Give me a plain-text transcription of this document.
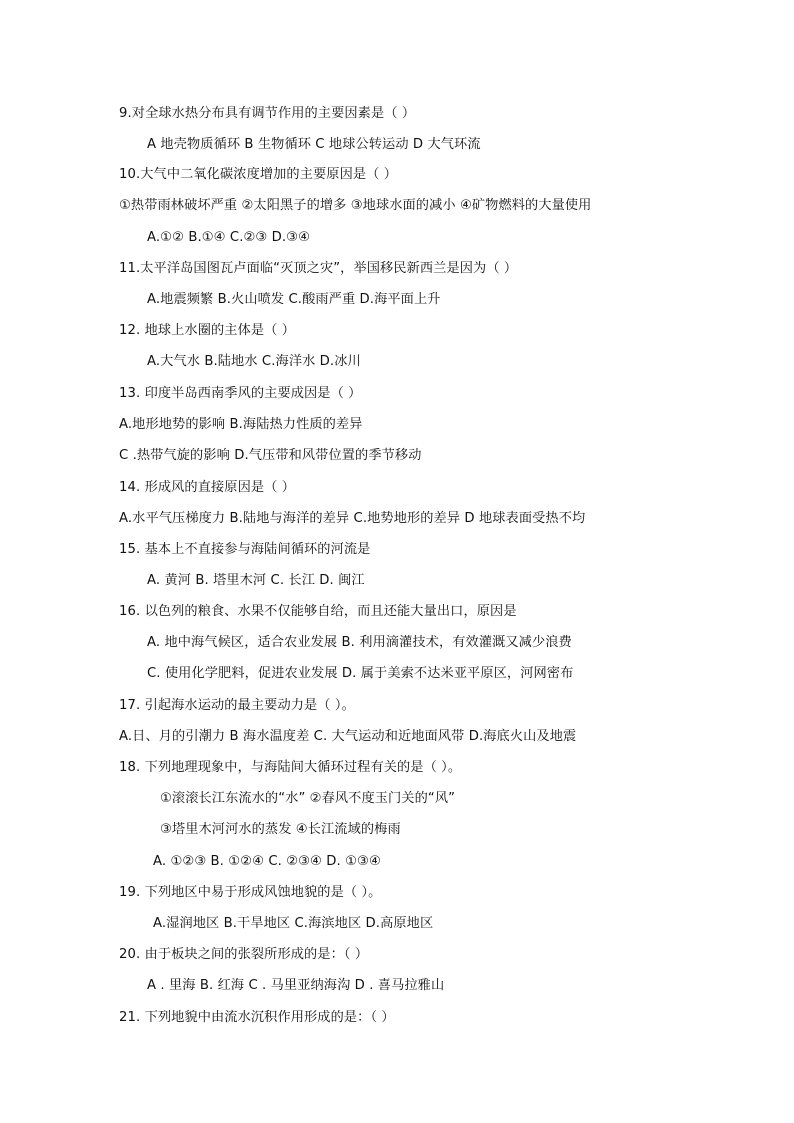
9.对全球水热分布具有调节作用的主要因素是（ ）
A 地壳物质循环 B 生物循环 C 地球公转运动 D 大气环流
10.大气中二氧化碳浓度增加的主要原因是（ ）
①热带雨林破坏严重 ②太阳黑子的增多 ③地球水面的减小 ④矿物燃料的大量使用
A.①② B.①④ C.②③ D.③④
11.太平洋岛国图瓦卢面临“灭顶之灾”，举国移民新西兰是因为（ ）
A.地震频繁 B.火山喷发 C.酸雨严重 D.海平面上升
12. 地球上水圈的主体是（ ）
A.大气水 B.陆地水 C.海洋水 D.冰川
13. 印度半岛西南季风的主要成因是（ ）
A.地形地势的影响 B.海陆热力性质的差异
C .热带气旋的影响 D.气压带和风带位置的季节移动
14. 形成风的直接原因是（ ）
A.水平气压梯度力 B.陆地与海洋的差异 C.地势地形的差异 D 地球表面受热不均
15. 基本上不直接参与海陆间循环的河流是
A. 黄河 B. 塔里木河 C. 长江 D. 闽江
16. 以色列的粮食、水果不仅能够自给，而且还能大量出口，原因是
A. 地中海气候区，适合农业发展 B. 利用滴灌技术，有效灌溉又减少浪费
C. 使用化学肥料，促进农业发展 D. 属于美索不达米亚平原区，河网密布
17. 引起海水运动的最主要动力是（ ）。
A.日、月的引潮力 B 海水温度差 C. 大气运动和近地面风带 D.海底火山及地震
18. 下列地理现象中，与海陆间大循环过程有关的是（ ）。
①滚滚长江东流水的“水” ②春风不度玉门关的“风”
③塔里木河河水的蒸发 ④长江流域的梅雨
A. ①②③ B. ①②④ C. ②③④ D. ①③④
19. 下列地区中易于形成风蚀地貌的是（ ）。
A.湿润地区 B.干旱地区 C.海滨地区 D.高原地区
20. 由于板块之间的张裂所形成的是：（ ）
A . 里海 B. 红海 C . 马里亚纳海沟 D . 喜马拉雅山
21. 下列地貌中由流水沉积作用形成的是：（ ）
